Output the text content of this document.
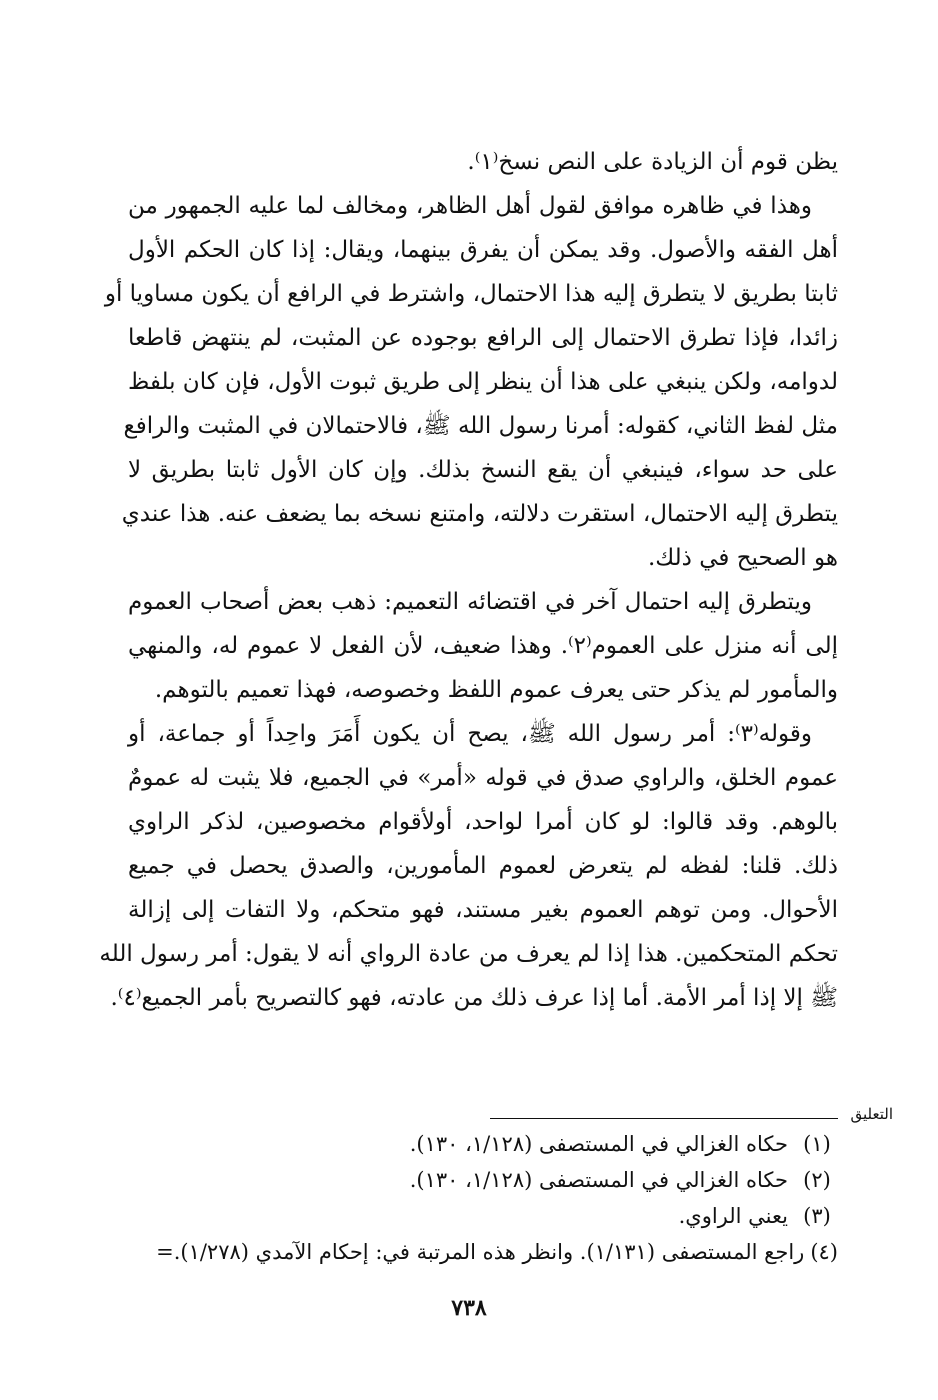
يظن قوم أن الزيادة على النص نسخ⁽١⁾.
وهذا في ظاهره موافق لقول أهل الظاهر، ومخالف لما عليه الجمهور من
أهل الفقه والأصول. وقد يمكن أن يفرق بينهما، ويقال: إذا كان الحكم الأول
ثابتا بطريق لا يتطرق إليه هذا الاحتمال، واشترط في الرافع أن يكون مساويا أو
زائدا، فإذا تطرق الاحتمال إلى الرافع بوجوده عن المثبت، لم ينتهض قاطعا
لدوامه، ولكن ينبغي على هذا أن ينظر إلى طريق ثبوت الأول، فإن كان بلفظ
مثل لفظ الثاني، كقوله: أمرنا رسول الله ﷺ، فالاحتمالان في المثبت والرافع
على حد سواء، فينبغي أن يقع النسخ بذلك. وإن كان الأول ثابتا بطريق لا
يتطرق إليه الاحتمال، استقرت دلالته، وامتنع نسخه بما يضعف عنه. هذا عندي
هو الصحيح في ذلك.
ويتطرق إليه احتمال آخر في اقتضائه التعميم: ذهب بعض أصحاب العموم
إلى أنه منزل على العموم⁽٢⁾. وهذا ضعيف، لأن الفعل لا عموم له، والمنهي
والمأمور لم يذكر حتى يعرف عموم اللفظ وخصوصه، فهذا تعميم بالتوهم.
وقوله⁽٣⁾: أمر رسول الله ﷺ، يصح أن يكون أَمَرَ واحِداً أو جماعة، أو
عموم الخلق، والراوي صدق في قوله «أمر» في الجميع، فلا يثبت له عمومٌ
بالوهم. وقد قالوا: لو كان أمرا لواحد، أولأقوام مخصوصين، لذكر الراوي
ذلك. قلنا: لفظه لم يتعرض لعموم المأمورين، والصدق يحصل في جميع
الأحوال. ومن توهم العموم بغير مستند، فهو متحكم، ولا التفات إلى إزالة
تحكم المتحكمين. هذا إذا لم يعرف من عادة الرواي أنه لا يقول: أمر رسول الله
ﷺ إلا إذا أمر الأمة. أما إذا عرف ذلك من عادته، فهو كالتصريح بأمر الجميع⁽٤⁾.
التعليق
(١)حكاه الغزالي في المستصفى (١/١٢٨، ١٣٠).
(٢)حكاه الغزالي في المستصفى (١/١٢٨، ١٣٠).
(٣)يعني الراوي.
(٤)راجع المستصفى (١/١٣١). وانظر هذه المرتبة في: إحكام الآمدي (١/٢٧٨).=
٧٣٨
